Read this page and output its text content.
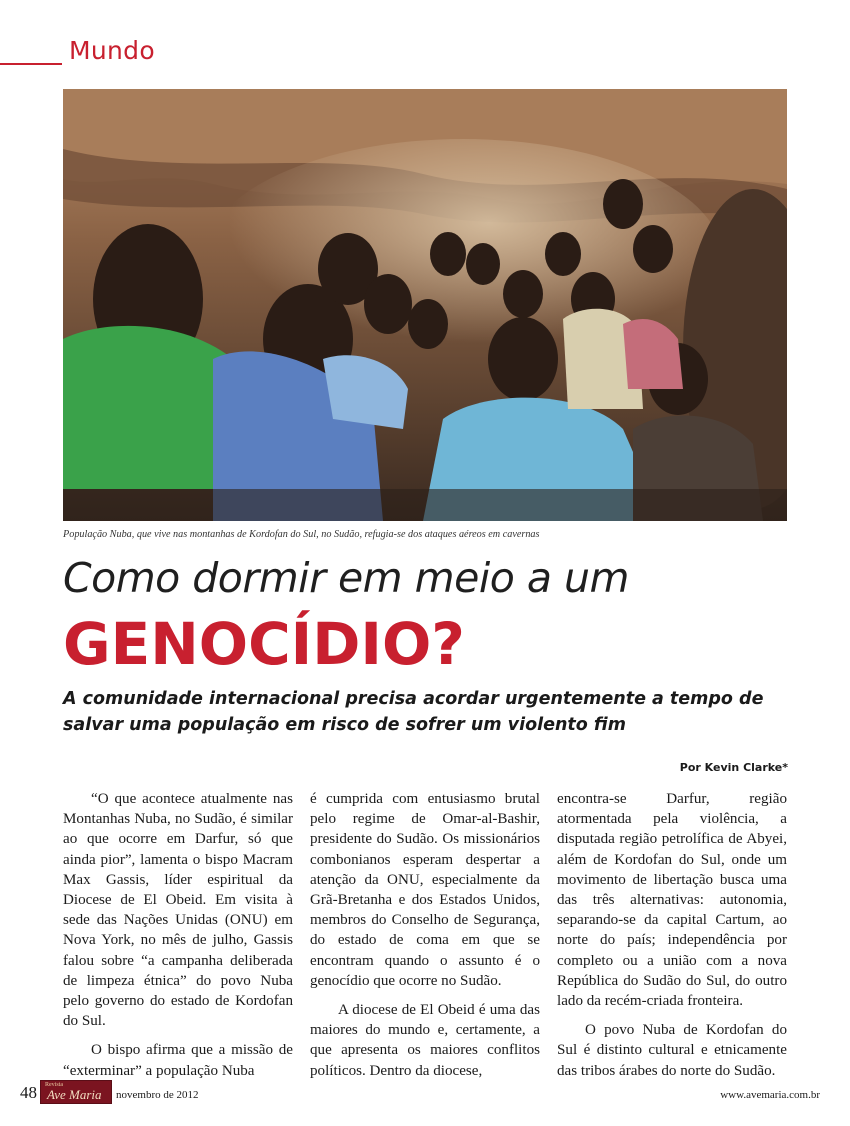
Mundo
População Nuba, que vive nas montanhas de Kordofan do Sul, no Sudão, refugia-se dos ataques aéreos em cavernas
Como dormir em meio a um
GENOCÍDIO?
A comunidade internacional precisa acordar urgentemente a tempo de salvar uma população em risco de sofrer um violento fim
Por Kevin Clarke*

“O que acontece atualmente nas Montanhas Nuba, no Sudão, é similar ao que ocorre em Darfur, só que ainda pior”, lamenta o bispo Macram Max Gassis, líder espiritual da Diocese de El Obeid. Em visita à sede das Nações Unidas (ONU) em Nova York, no mês de julho, Gassis falou sobre “a campanha deliberada de limpeza étnica” do povo Nuba pelo governo do estado de Kordofan do Sul.

O bispo afirma que a missão de “exterminar” a população Nuba

é cumprida com entusiasmo brutal pelo regime de Omar-al-Bashir, presidente do Sudão. Os missionários combonianos esperam despertar a atenção da ONU, especialmente da Grã-Bretanha e dos Estados Unidos, membros do Conselho de Segurança, do estado de coma em que se encontram quando o assunto é o genocídio que ocorre no Sudão.

A diocese de El Obeid é uma das maiores do mundo e, certamente, a que apresenta os maiores conflitos políticos. Dentro da diocese,

encontra-se Darfur, região atormentada pela violência, a disputada região petrolífica de Abyei, além de Kordofan do Sul, onde um movimento de libertação busca uma das três alternativas: autonomia, separando-se da capital Cartum, ao norte do país; independência por completo ou a união com a nova República do Sudão do Sul, do outro lado da recém-criada fronteira.

O povo Nuba de Kordofan do Sul é distinto cultural e etnicamente das tribos árabes do norte do Sudão.

48 Revista
Ave Maria novembro de 2012	www.avemaria.com.br
